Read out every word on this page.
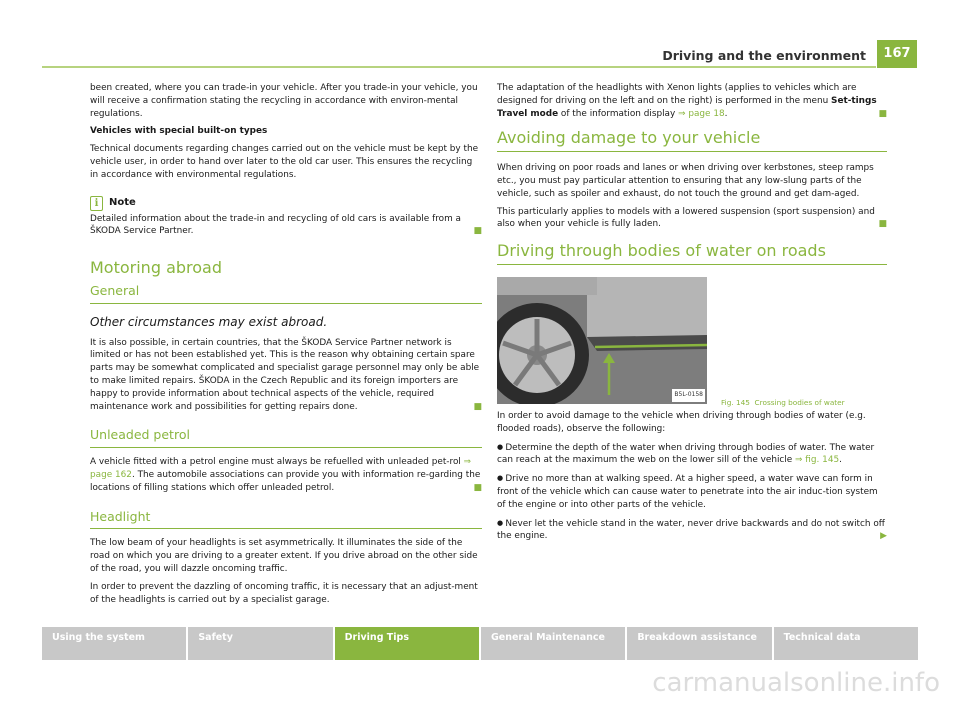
Driving and the environment	167

been created, where you can trade-in your vehicle. After you trade-in your vehicle, you will receive a confirmation stating the recycling in accordance with environ-mental regulations.

Vehicles with special built-on types

Technical documents regarding changes carried out on the vehicle must be kept by the vehicle user, in order to hand over later to the old car user. This ensures the recycling in accordance with environmental regulations.

i	Note

Detailed information about the trade-in and recycling of old cars is available from a ŠKODA Service Partner.	■

Motoring abroad
General
Other circumstances may exist abroad.

It is also possible, in certain countries, that the ŠKODA Service Partner network is limited or has not been established yet. This is the reason why obtaining certain spare parts may be somewhat complicated and specialist garage personnel may only be able to make limited repairs. ŠKODA in the Czech Republic and its foreign importers are happy to provide information about technical aspects of the vehicle, required maintenance work and possibilities for getting repairs done.	■

Unleaded petrol

A vehicle fitted with a petrol engine must always be refuelled with unleaded pet-rol ⇒ page 162. The automobile associations can provide you with information re-garding the locations of filling stations which offer unleaded petrol.	■

Headlight

The low beam of your headlights is set asymmetrically. It illuminates the side of the road on which you are driving to a greater extent. If you drive abroad on the other side of the road, you will dazzle oncoming traffic.

In order to prevent the dazzling of oncoming traffic, it is necessary that an adjust-ment of the headlights is carried out by a specialist garage.

The adaptation of the headlights with Xenon lights (applies to vehicles which are designed for driving on the left and on the right) is performed in the menu Set-tings Travel mode of the information display ⇒ page 18.	■

Avoiding damage to your vehicle

When driving on poor roads and lanes or when driving over kerbstones, steep ramps etc., you must pay particular attention to ensuring that any low-slung parts of the vehicle, such as spoiler and exhaust, do not touch the ground and get dam-aged.

This particularly applies to models with a lowered suspension (sport suspension) and also when your vehicle is fully laden.	■

Driving through bodies of water on roads
B5L-0158
Fig. 145 Crossing bodies of water

In order to avoid damage to the vehicle when driving through bodies of water (e.g. flooded roads), observe the following:

● Determine the depth of the water when driving through bodies of water. The water can reach at the maximum the web on the lower sill of the vehicle ⇒ fig. 145.

● Drive no more than at walking speed. At a higher speed, a water wave can form in front of the vehicle which can cause water to penetrate into the air induc-tion system of the engine or into other parts of the vehicle.

● Never let the vehicle stand in the water, never drive backwards and do not switch off the engine.	▶

Using the system	Safety	Driving Tips	General Maintenance	Breakdown assistance	Technical data
carmanualsonline.info
